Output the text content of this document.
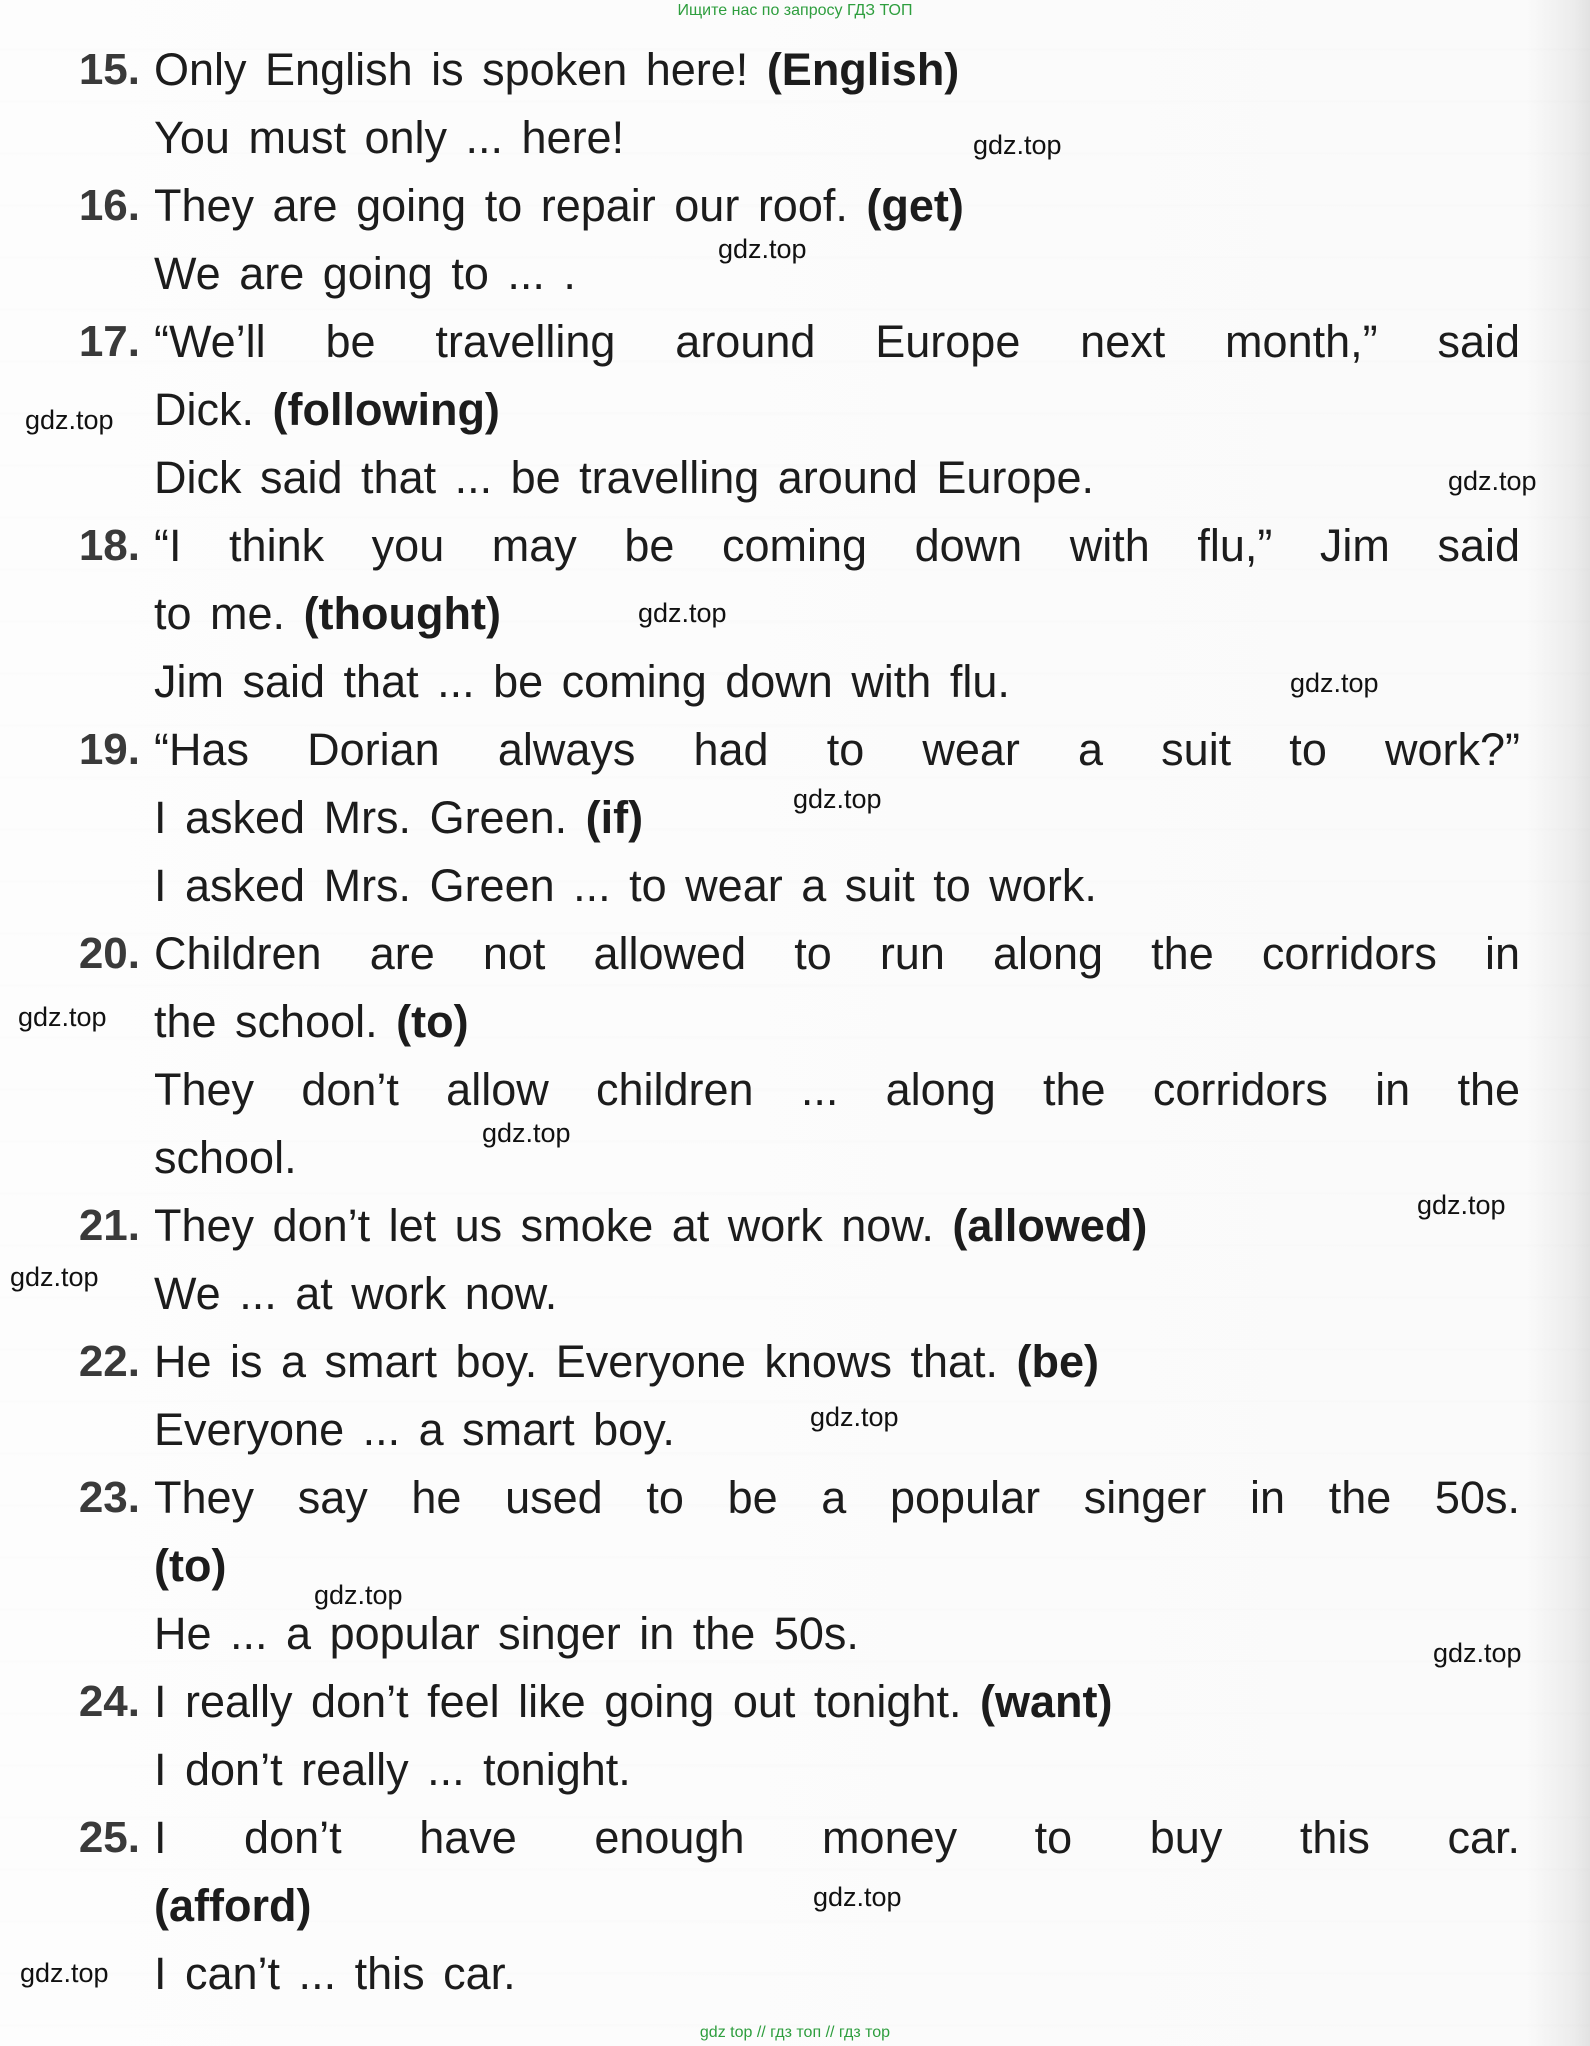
Ищите нас по запросу ГДЗ ТОП
15. Only English is spoken here! (English)
You must only ... here!
16. They are going to repair our roof. (get)
We are going to ... .
17. “We’ll be travelling around Europe next month,” said
Dick. (following)
Dick said that ... be travelling around Europe.
18. “I think you may be coming down with flu,” Jim said
to me. (thought)
Jim said that ... be coming down with flu.
19. “Has Dorian always had to wear a suit to work?”
I asked Mrs. Green. (if)
I asked Mrs. Green ... to wear a suit to work.
20. Children are not allowed to run along the corridors in
the school. (to)
They don’t allow children ... along the corridors in the
school.
21. They don’t let us smoke at work now. (allowed)
We ... at work now.
22. He is a smart boy. Everyone knows that. (be)
Everyone ... a smart boy.
23. They say he used to be a popular singer in the 50s.
(to)
He ... a popular singer in the 50s.
24. I really don’t feel like going out tonight. (want)
I don’t really ... tonight.
25. I don’t have enough money to buy this car.
(afford)
I can’t ... this car.
gdz.top
gdz.top
gdz.top
gdz.top
gdz.top
gdz.top
gdz.top
gdz.top
gdz.top
gdz.top
gdz.top
gdz.top
gdz.top
gdz.top
gdz.top
gdz.top
gdz top // гдз топ // гдз тор
